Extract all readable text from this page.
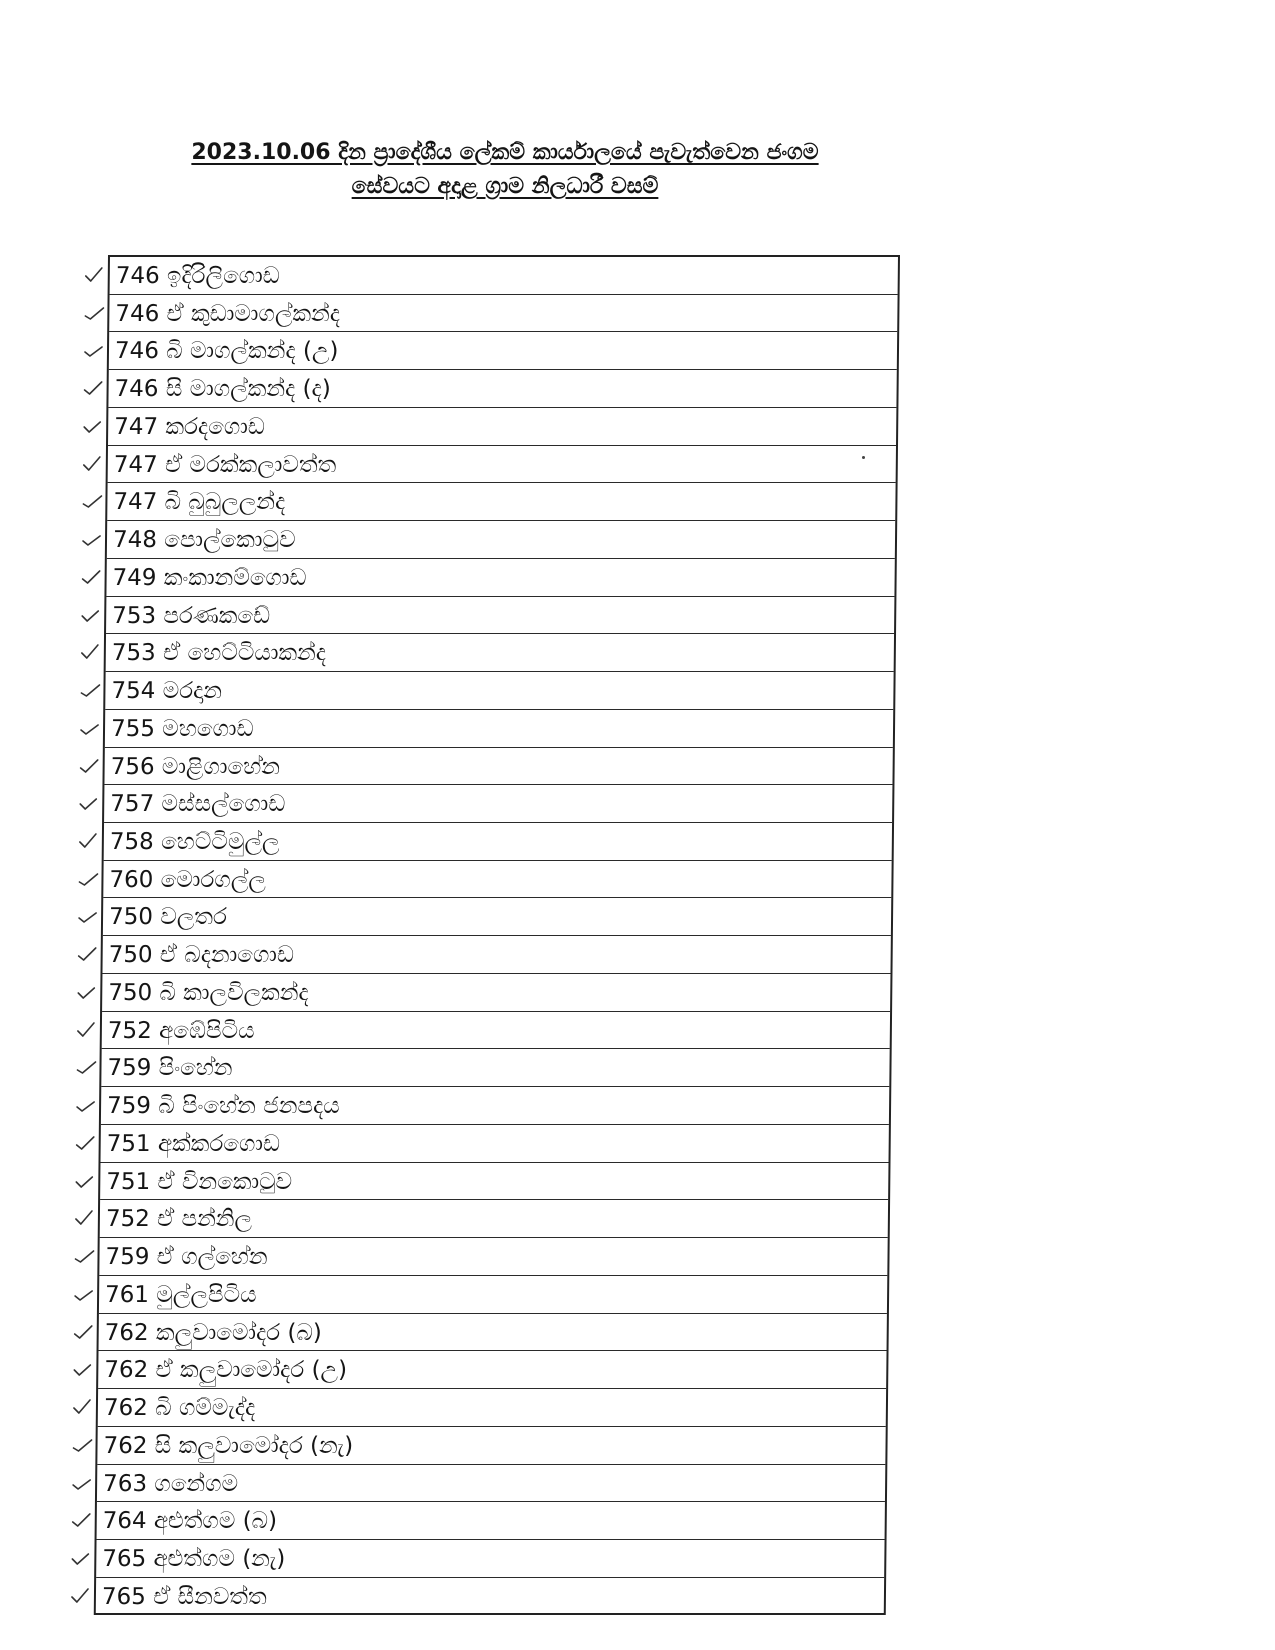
2023.10.06 දින ප්‍රාදේශීය ලේකම් කාර්යාලයේ පැවැත්වෙන ජංගම
සේවයට අදාළ ග්‍රාම නිලධාරී වසම්
746 ඉදිරිලිගොඩ
746 ඒ කුඩාමාගල්කන්ද
746 බි මාගල්කන්ද (උ)
746 සි මාගල්කන්ද (ද)
747 කරදගොඩ
747 ඒ මරක්කලාවත්ත
747 බි බුබුලලන්ද
748 පොල්කොටුව
749 කංකානම්ගොඩ
753 පරණකඩේ
753 ඒ හෙට්ටියාකන්ද
754 මරදාන
755 මහගොඩ
756 මාළිගාහේන
757 මස්සල්ගොඩ
758 හෙට්ටිමුල්ල
760 මොරගල්ල
750 වලතර
750 ඒ බදනාගොඩ
750 බි කාලවිලකන්ද
752 අඹේපිටිය
759 පිංහේන
759 බි පිංහේන ජනපදය
751 අක්කරගොඩ
751 ඒ විනකොටුව
752 ඒ පන්නිල
759 ඒ ගල්හේන
761 මුල්ලපිටිය
762 කලුවාමෝදර (බ)
762 ඒ කලුවාමෝදර (උ)
762 බි ගම්මැද්ද
762 සි කලුවාමෝදර (නැ)
763 ගනේගම
764 අළුත්ගම (බ)
765 අළුත්ගම (නැ)
765 ඒ සීනවත්ත
